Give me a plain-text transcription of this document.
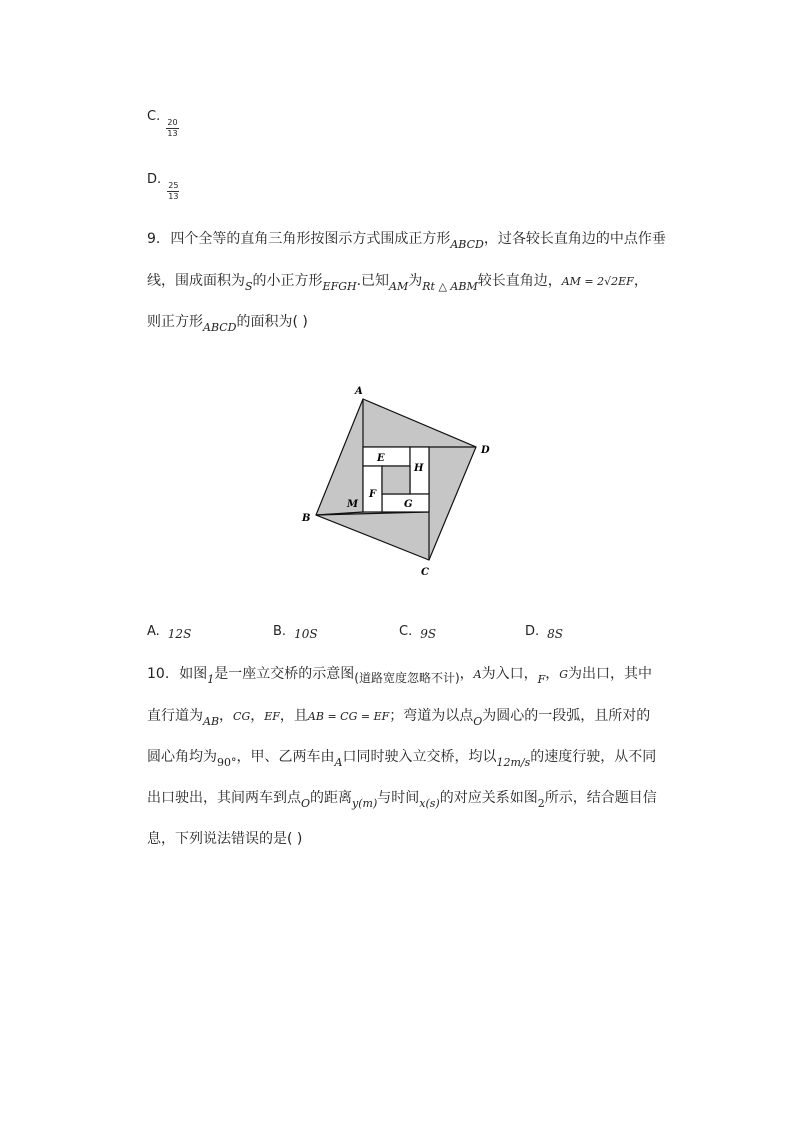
C.
$\frac{20}{13}$
D.
$\frac{25}{13}$
9. 四个全等的直角三角形按图示方式围成正方形$_{ABCD}$，过各较长直角边的中点作垂
线，围成面积为$_S$的小正方形$_{EFGH}$.已知$_{AM}$为$_{Rt \triangle ABM}$较长直角边，AM = 2√2EF，
则正方形$_{ABCD}$的面积为( )
A
D
B
C
E
H
F
M	G
A. 12S	B. 10S	C. 9S	D. 8S
10. 如图$_1$是一座立交桥的示意图(道路宽度忽略不计)，A为入口，$_F$，G为出口，其中
直行道为$_{AB}$，CG，EF，且AB = CG = EF；弯道为以点$_O$为圆心的一段弧，且所对的
圆心角均为$_{90^\circ}$，甲、乙两车由$_A$口同时驶入立交桥，均以$_{12m/s}$的速度行驶，从不同
出口驶出，其间两车到点$_O$的距离$_{y(m)}$与时间$_{x(s)}$的对应关系如图$_2$所示，结合题目信
息，下列说法错误的是( )
